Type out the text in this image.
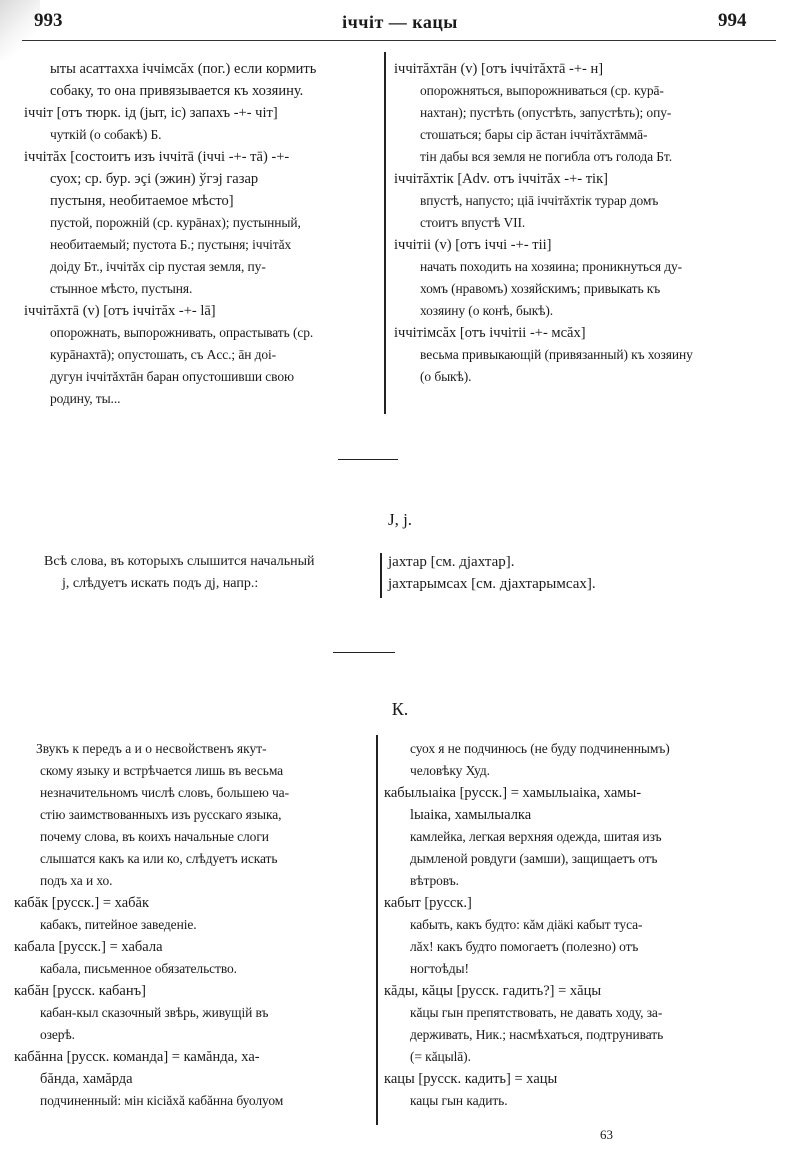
993	іччіт — кацы	994
ыты асаттахха іччімсăх (пог.) если кормить
собаку, то она привязывается къ хозяину.
іччіт [отъ тюрк. ід (jыт, іс) запахъ -+- чіт]
чуткій (о собакѣ) Б.
іччітăх [состоитъ изъ іччітā (іччі -+- тā) -+-
суох; ср. бур. эçі (эжин) ўгэj газар
пустыня, необитаемое мѣсто]
пустой, порожній (ср. курāнах); пустынный,
необитаемый; пустота Б.; пустыня; іччітăх
доіду Бт., іччітăх сір пустая земля, пу-
стынное мѣсто, пустыня.
іччітăхтā (v) [отъ іччітăх -+- lā]
опорожнать, выпорожнивать, опрастывать (ср.
курāнахтā); опустошать, съ Acc.; āн доі-
дугун іччітăхтāн баран опустошивши свою
родину, ты...
іччітăхтāн (v) [отъ іччітăхтā -+- н]
опорожняться, выпорожниваться (ср. курā-
нахтан); пустѣть (опустѣть, запустѣть); опу-
стошаться; бары сір āстан іччітăхтāммā-
тін дабы вся земля не погибла отъ голода Бт.
іччітăхтік [Adv. отъ іччітăх -+- тік]
впустѣ, напусто; ціā іччітăхтік турар домъ
стоитъ впустѣ VII.
іччітіі (v) [отъ іччі -+- тіі]
начать походить на хозяина; проникнуться ду-
хомъ (нравомъ) хозяйскимъ; привыкать къ
хозяину (о конѣ, быкѣ).
іччітімсăх [отъ іччітіі -+- мсăх]
весьма привыкающій (привязанный) къ хозяину
(о быкѣ).
J, j.
Всѣ слова, въ которыхъ слышится начальный
j, слѣдуетъ искать подъ дj, напр.:
jахтар [см. дjахтар].
jахтарымсах [см. дjахтарымсах].
К.
Звукъ к передъ а и о несвойственъ якут-
скому языку и встрѣчается лишь въ весьма
незначительномъ числѣ словъ, большею ча-
стію заимствованныхъ изъ русскаго языка,
почему слова, въ коихъ начальные слоги
слышатся какъ ка или ко, слѣдуетъ искать
подъ ха и хо.
кабăк [русск.] = хабăк
кабакъ, питейное заведеніе.
кабала [русск.] = хабала
кабала, письменное обязательство.
кабăн [русск. кабанъ]
кабан-кыл сказочный звѣрь, живущій въ
озерѣ.
кабăнна [русск. команда] = камăнда, ха-
бăнда, хамăрда
подчиненный: мін кісіăхă кабăнна буолуом
суох я не подчинюсь (не буду подчиненнымъ)
человѣку Худ.
кабыльıаіка [русск.] = хамыльıаіка, хамы-
lыаіка, хамылыалка
камлейка, легкая верхняя одежда, шитая изъ
дымленой ровдуги (замши), защищаетъ отъ
вѣтровъ.
кабыт [русск.]
кабыть, какъ будто: кăм діäкі кабыт туса-
лăх! какъ будто помогаетъ (полезно) отъ
ногтоѣды!
кăды, кăцы [русск. гадить?] = хăцы
кăцы гын препятствовать, не давать ходу, за-
держивать, Ник.; насмѣхаться, подтрунивать
(= кăцыlā).
кацы [русск. кадить] = хацы
кацы гын кадить.
63
